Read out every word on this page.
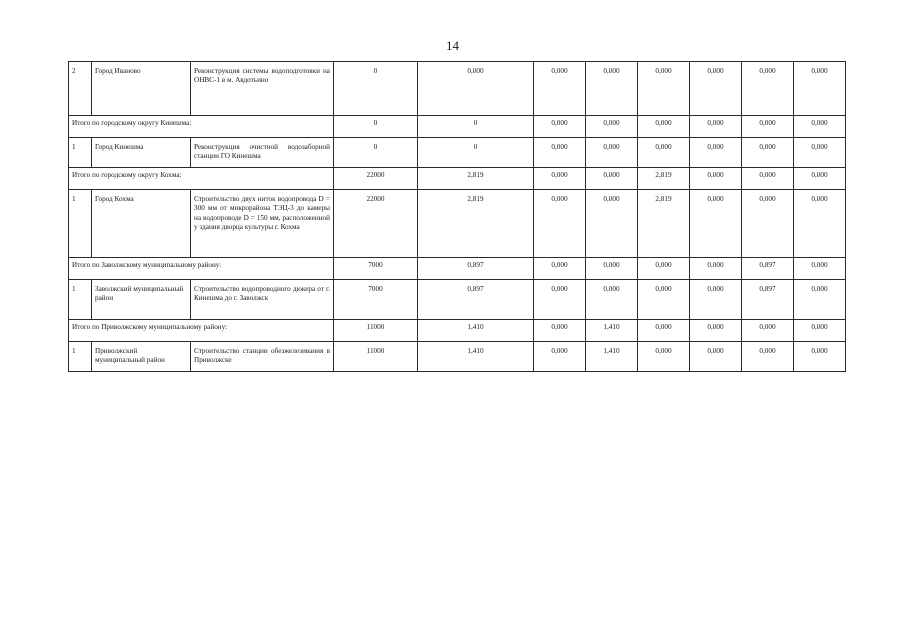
14
2	Город Иваново	Реконструкция системы водоподготовки на ОНВС-1 в м. Авдотьино	0	0,000	0,000	0,000	0,000	0,000	0,000	0,000
Итого по городскому округу Кинешма:			0	0	0,000	0,000	0,000	0,000	0,000	0,000
1	Город Кинешма	Реконструкция очистной водозаборной станции ГО Кинешма	0	0	0,000	0,000	0,000	0,000	0,000	0,000
Итого по городскому округу Кохма:			22000	2,819	0,000	0,000	2,819	0,000	0,000	0,000
1	Город Кохма	Строительство двух ниток водопровода D = 300 мм от микрорайона ТЭЦ-3 до камеры на водопроводе D = 150 мм, расположенной у здания дворца культуры г. Кохма	22000	2,819	0,000	0,000	2,819	0,000	0,000	0,000
Итого по Заволжскому муниципальному району:			7000	0,897	0,000	0,000	0,000	0,000	0,897	0,000
1	Заволжский муниципальный район	Строительство водопроводного дюкера от г. Кинешма до г. Заволжск	7000	0,897	0,000	0,000	0,000	0,000	0,897	0,000
Итого по Приволжскому муниципальному району:			11000	1,410	0,000	1,410	0,000	0,000	0,000	0,000
1	Приволжский муниципальный район	Строительство станции обезжелезивания в Приволжске	11000	1,410	0,000	1,410	0,000	0,000	0,000	0,000
